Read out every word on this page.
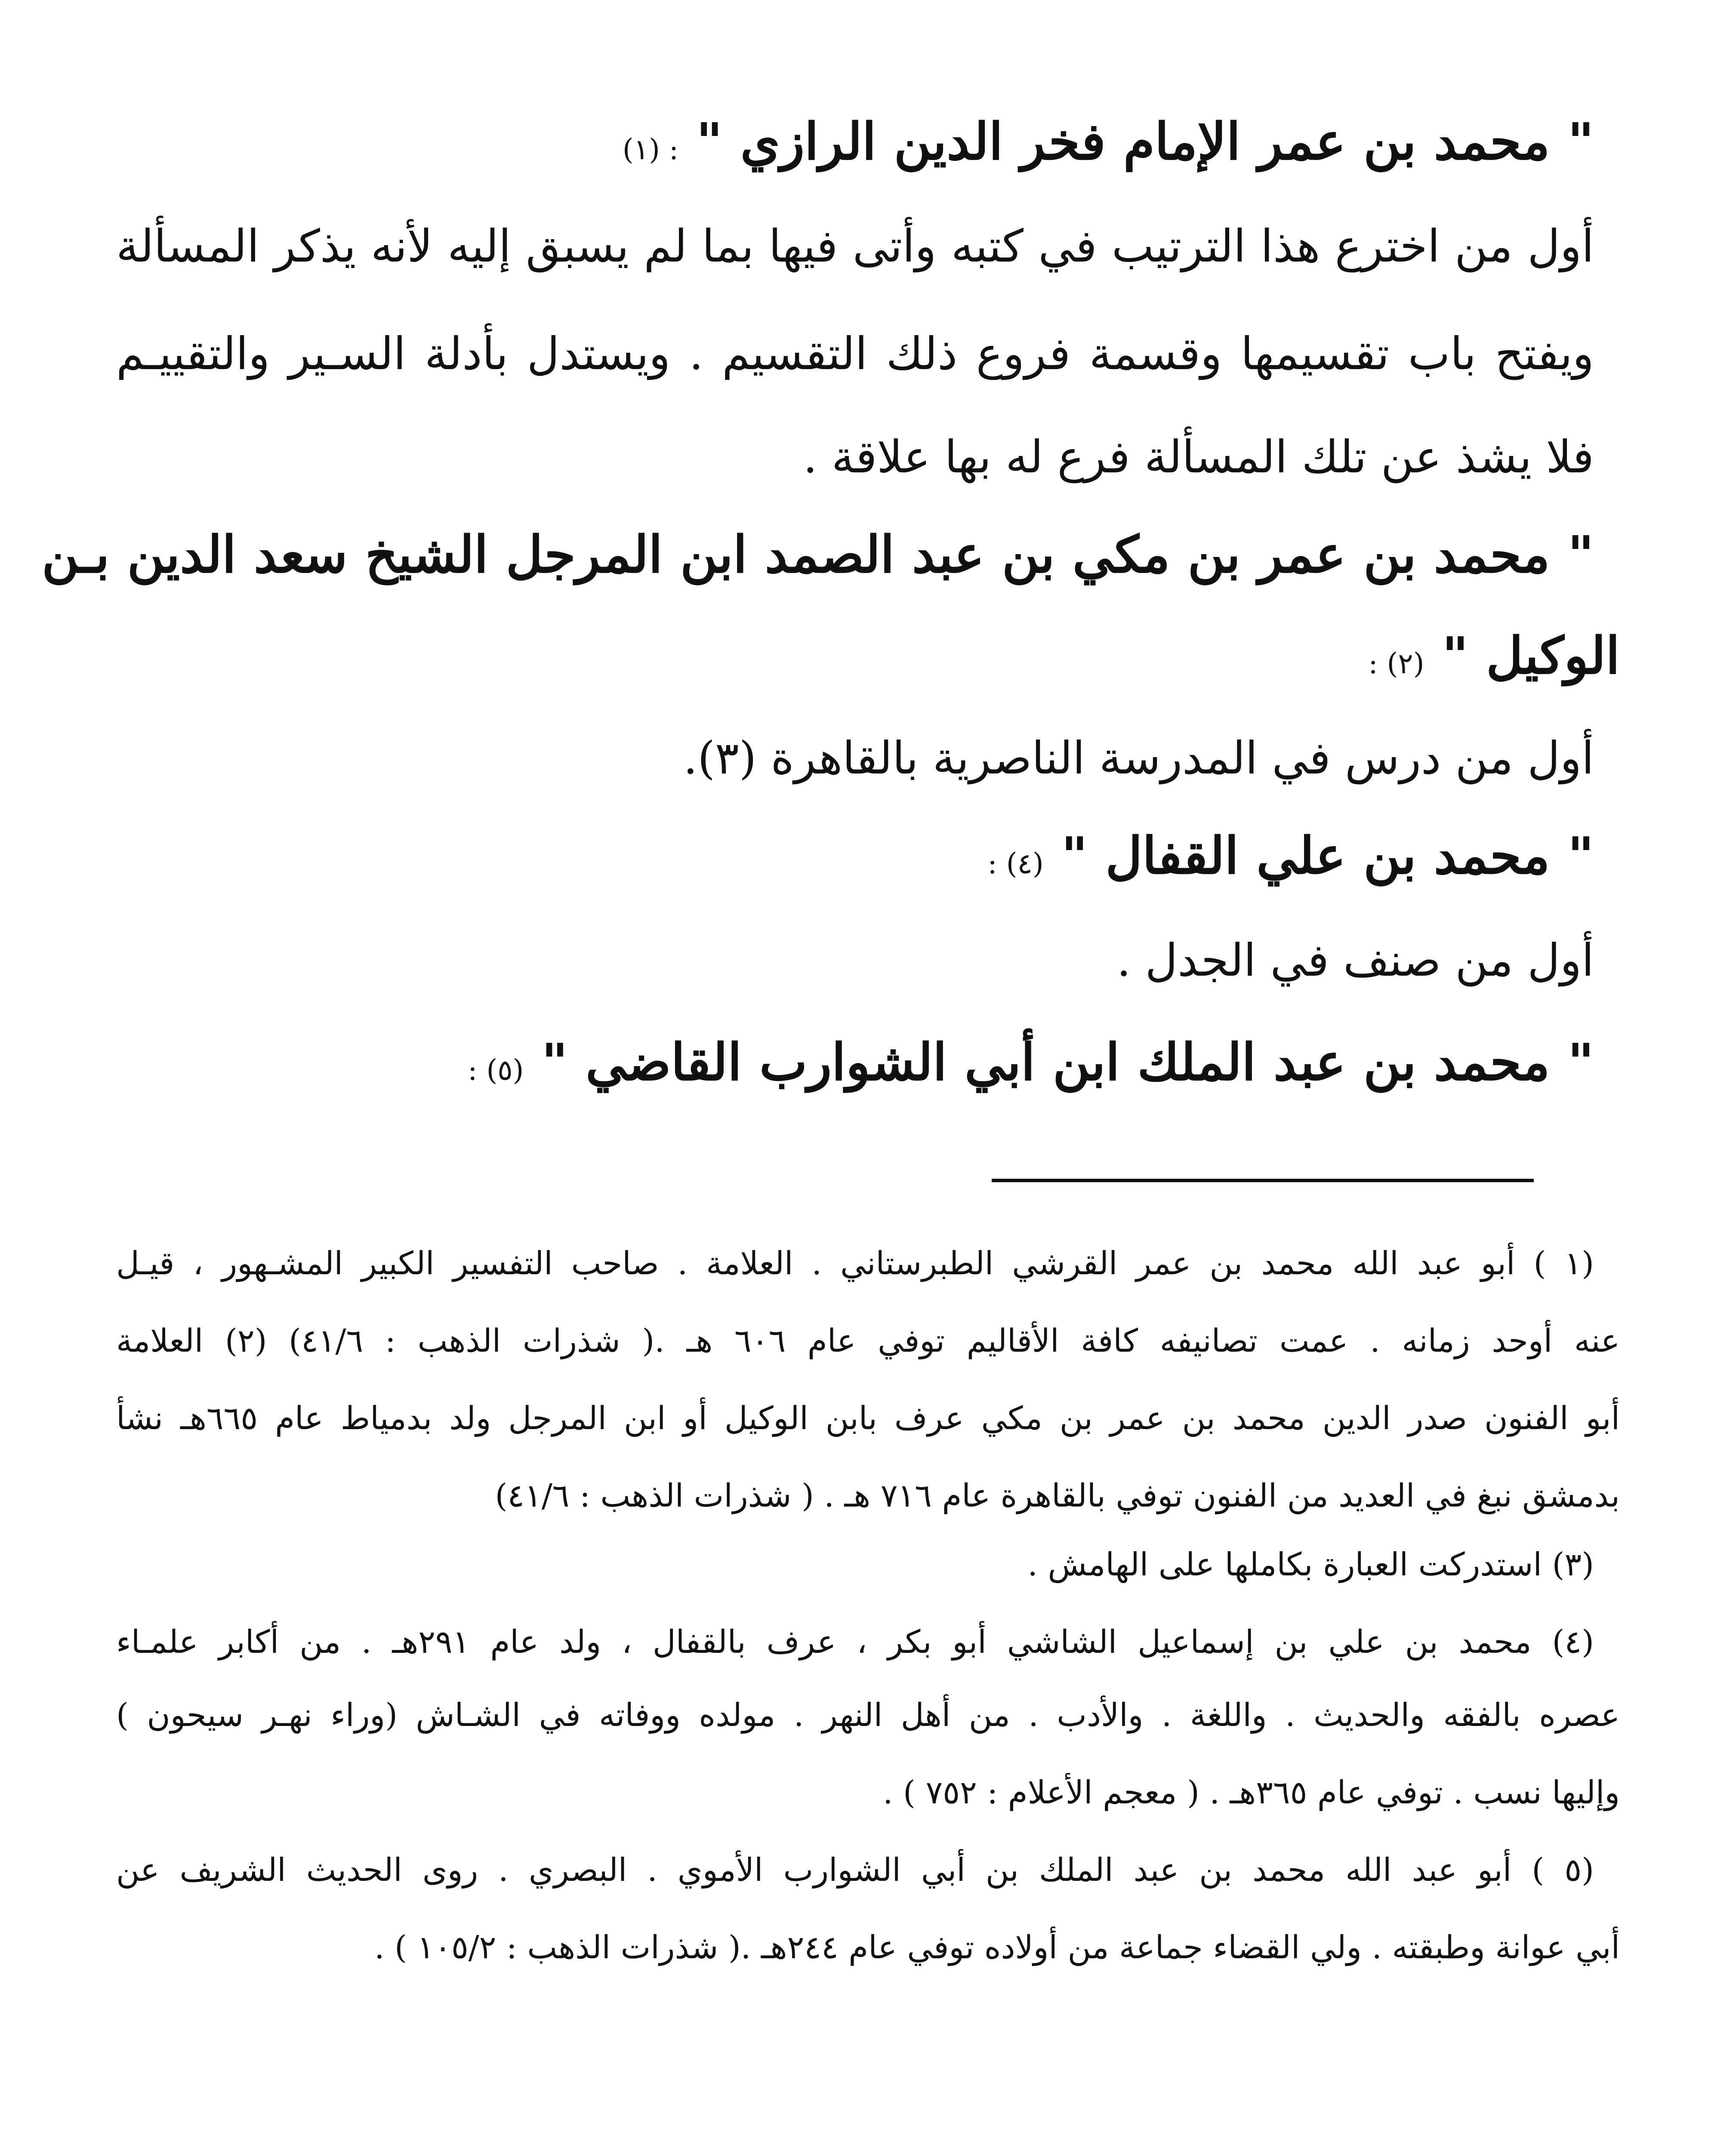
" محمد بن عمر الإمام فخر الدين الرازي " : (١)
أول من اخترع هذا الترتيب في كتبه وأتى فيها بما لم يسبق إليه لأنه يذكر المسألة
ويفتح باب تقسيمها وقسمة فروع ذلك التقسيم . ويستدل بأدلة السـير والتقييـم
فلا يشذ عن تلك المسألة فرع له بها علاقة .
" محمد بن عمر بن مكي بن عبد الصمد ابن المرجل الشيخ سعد الدين بـن
الوكيل " (٢) :
أول من درس في المدرسة الناصرية بالقاهرة (٣).
" محمد بن علي القفال " (٤) :
أول من صنف في الجدل .
" محمد بن عبد الملك ابن أبي الشوارب القاضي " (٥) :
(١ ) أبو عبد الله محمد بن عمر القرشي الطبرستاني . العلامة . صاحب التفسير الكبير المشـهور ، قيـل
عنه أوحد زمانه . عمت تصانيفه كافة الأقاليم توفي عام ٦٠٦ هـ .( شذرات الذهب : ٤١/٦) (٢) العلامة
أبو الفنون صدر الدين محمد بن عمر بن مكي عرف بابن الوكيل أو ابن المرجل ولد بدمياط عام ٦٦٥هـ نشأ
بدمشق نبغ في العديد من الفنون توفي بالقاهرة عام ٧١٦ هـ . ( شذرات الذهب : ٤١/٦)
(٣) استدركت العبارة بكاملها على الهامش .
(٤) محمد بن علي بن إسماعيل الشاشي أبو بكر ، عرف بالقفال ، ولد عام ٢٩١هـ . من أكابر علمـاء
عصره بالفقه والحديث . واللغة . والأدب . من أهل النهر . مولده ووفاته في الشـاش (وراء نهـر سيحون )
وإليها نسب . توفي عام ٣٦٥هـ . ( معجم الأعلام : ٧٥٢ ) .
(٥ ) أبو عبد الله محمد بن عبد الملك بن أبي الشوارب الأموي . البصري . روى الحديث الشريف عن
أبي عوانة وطبقته . ولي القضاء جماعة من أولاده توفي عام ٢٤٤هـ .( شذرات الذهب : ١٠٥/٢ ) .
